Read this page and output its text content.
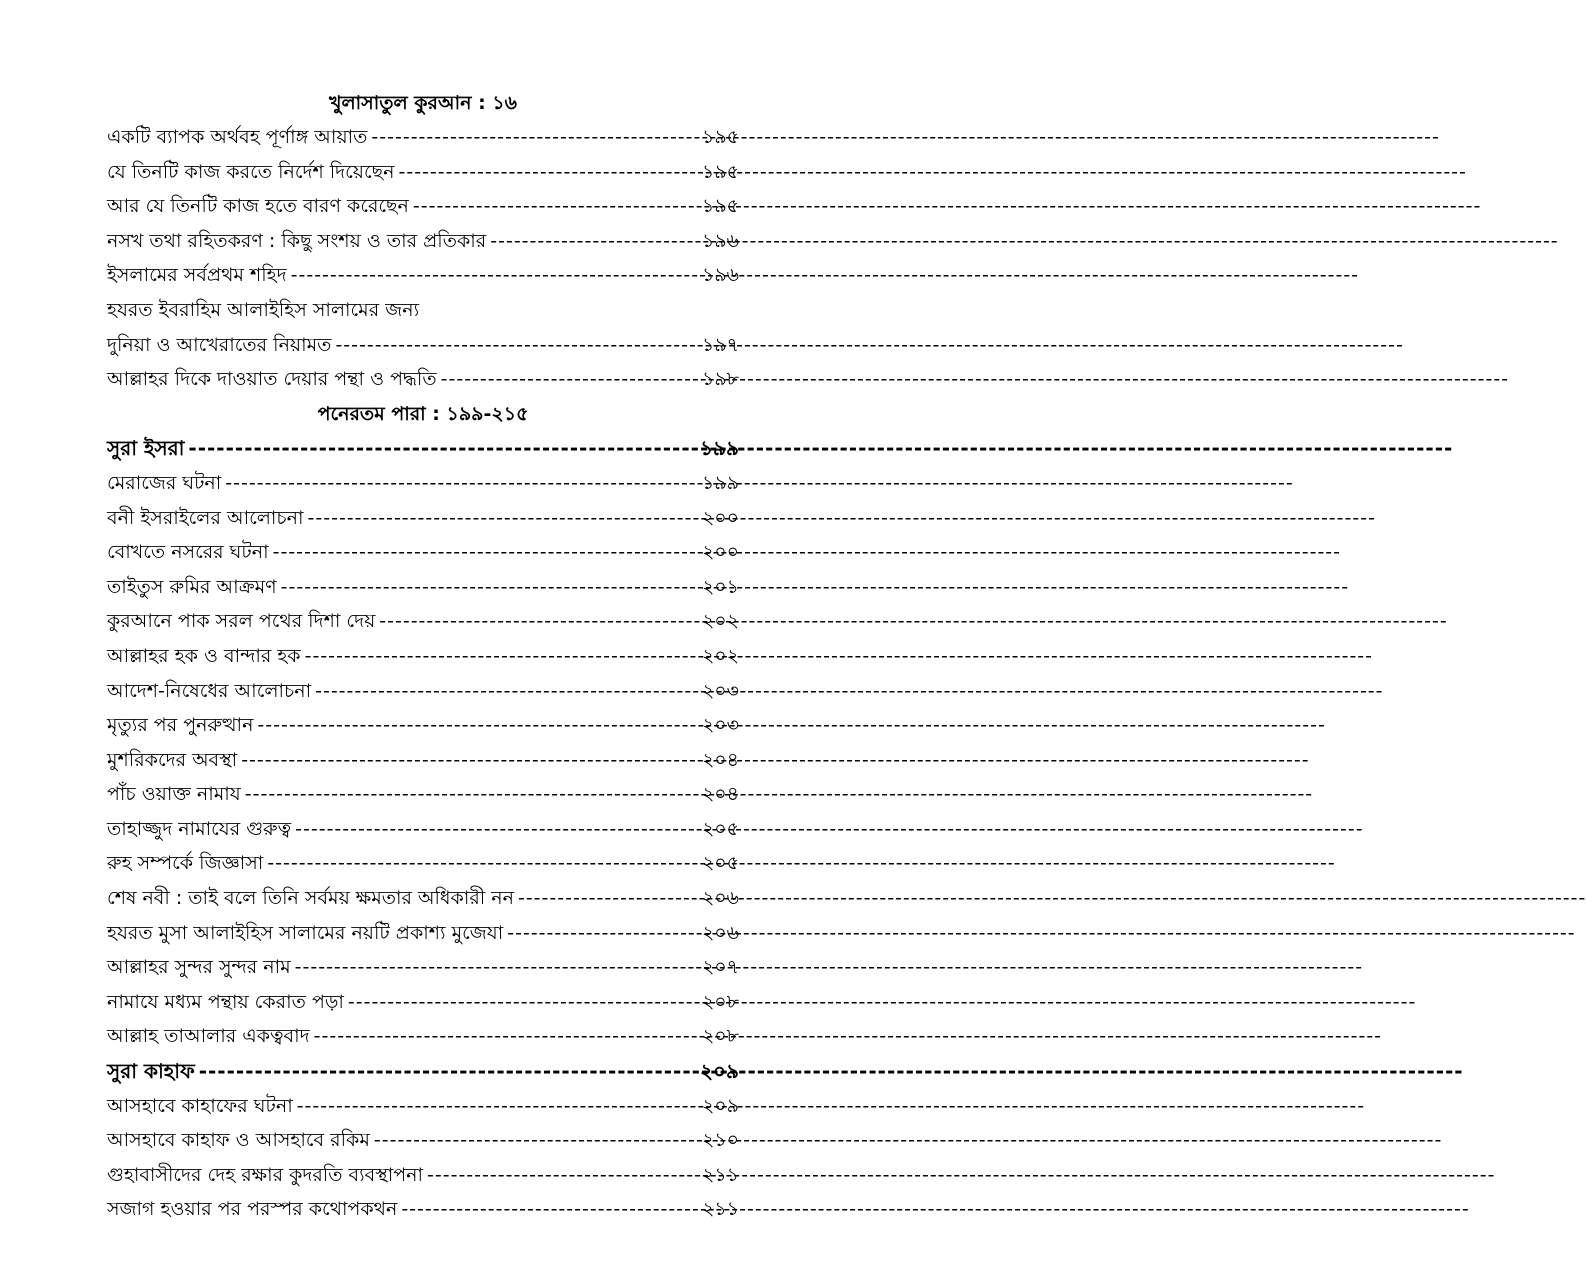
খুলাসাতুল কুরআন : ১৬
একটি ব্যাপক অর্থবহ পূর্ণাঙ্গ আয়াত -----	১৯৫
যে তিনটি কাজ করতে নির্দেশ দিয়েছেন -----	১৯৫
আর যে তিনটি কাজ হতে বারণ করেছেন -----	১৯৫
নসখ তথা রহিতকরণ : কিছু সংশয় ও তার প্রতিকার -----	১৯৬
ইসলামের সর্বপ্রথম শহিদ -----	১৯৬
হযরত ইবরাহিম আলাইহিস সালামের জন্য
দুনিয়া ও আখেরাতের নিয়ামত -----	১৯৭
আল্লাহর দিকে দাওয়াত দেয়ার পন্থা ও পদ্ধতি -----	১৯৮
পনেরতম পারা : ১৯৯-২১৫
সুরা ইসরা -----	১৯৯
মেরাজের ঘটনা -----	১৯৯
বনী ইসরাইলের আলোচনা -----	২০০
বোখতে নসরের ঘটনা -----	২০০
তাইতুস রুমির আক্রমণ -----	২০১
কুরআনে পাক সরল পথের দিশা দেয় -----	২০২
আল্লাহর হক ও বান্দার হক -----	২০২
আদেশ-নিষেধের আলোচনা -----	২০৩
মৃত্যুর পর পুনরুত্থান -----	২০৩
মুশরিকদের অবস্থা -----	২০৪
পাঁচ ওয়াক্ত নামায -----	২০৪
তাহাজ্জুদ নামাযের গুরুত্ব -----	২০৫
রুহ সম্পর্কে জিজ্ঞাসা -----	২০৫
শেষ নবী : তাই বলে তিনি সর্বময় ক্ষমতার অধিকারী নন -----	২০৬
হযরত মুসা আলাইহিস সালামের নয়টি প্রকাশ্য মুজেযা -----	২০৬
আল্লাহর সুন্দর সুন্দর নাম -----	২০৭
নামাযে মধ্যম পন্থায় কেরাত পড়া -----	২০৮
আল্লাহ তাআলার একত্ববাদ -----	২০৮
সুরা কাহাফ -----	২০৯
আসহাবে কাহাফের ঘটনা -----	২০৯
আসহাবে কাহাফ ও আসহাবে রকিম -----	২১০
গুহাবাসীদের দেহ রক্ষার কুদরতি ব্যবস্থাপনা -----	২১১
সজাগ হওয়ার পর পরস্পর কথোপকথন -----	২১১
